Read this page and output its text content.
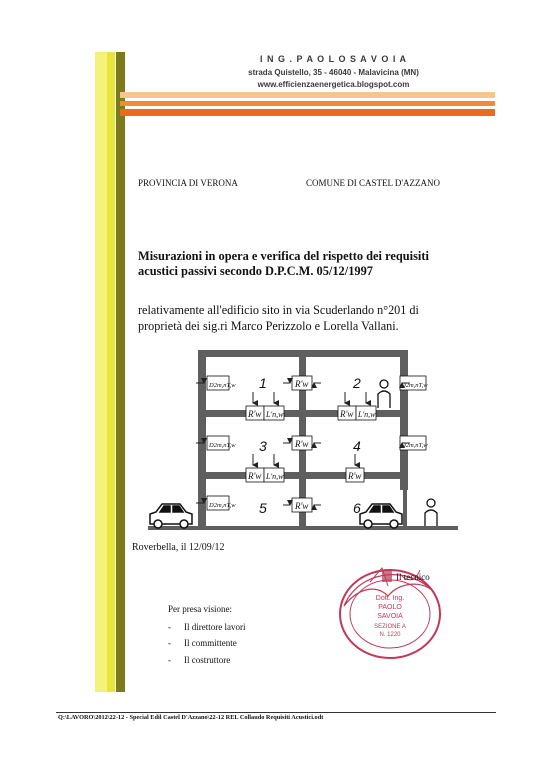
I N G . P A O L O S A V O I A
strada Quistello, 35 - 46040 - Malavicina (MN)
www.efficienzaenergetica.blogspot.com
PROVINCIA DI VERONA	COMUNE DI CASTEL D'AZZANO
Misurazioni in opera e verifica del rispetto dei requisiti
acustici passivi secondo D.P.C.M. 05/12/1997
relativamente all'edificio sito in via Scuderlando n°201 di
proprietà dei sig.ri Marco Perizzolo e Lorella Vallani.
D2m,nT,w	D2m,nT,w
D2m,nT,w	D2m,nT,w
D2m,nT,w
R'w
R'w
R'w
R'w L'n,w	R'w L'n,w
R'w L'n,w	R'w
1	2
3	4
5	6
Roverbella, il 12/09/12
Dott. Ing.
PAOLO
SAVOIA
SEZIONE A
N. 1220
Il tecnico
Per presa visione:
- Il direttore lavori
- Il committente
- Il costruttore
Q:\LAVORO\2012\22-12 - Special Edil Castel D'Azzano\22-12 REL Collaudo Requisiti Acustici.odt
